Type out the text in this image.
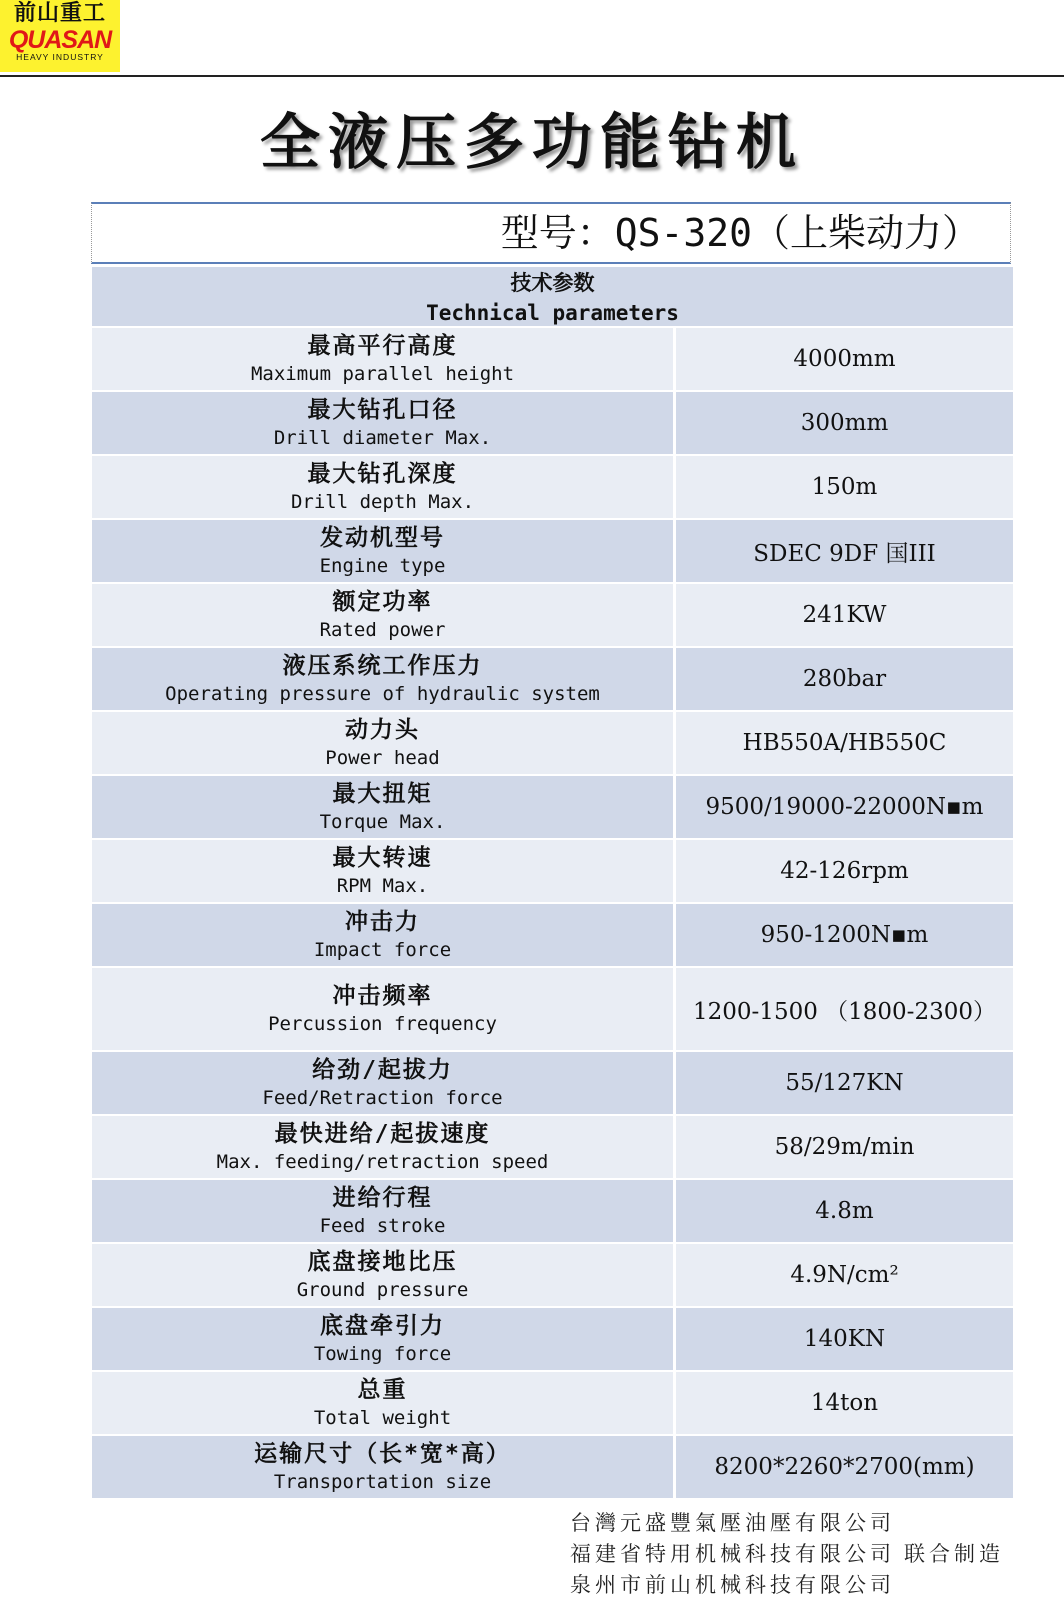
前山重工
QUASAN
HEAVY INDUSTRY
全液压多功能钻机
型号：QS-320（上柴动力）
技术参数
Technical parameters
最高平行高度
Maximum parallel height
4000mm
最大钻孔口径
Drill diameter Max.
300mm
最大钻孔深度
Drill depth Max.
150m
发动机型号
Engine type	SDEC 9DF 国III
额定功率
Rated power
241KW
液压系统工作压力
Operating pressure of hydraulic system
280bar
动力头
Power head
HB550A/HB550C
最大扭矩
Torque Max.
9500/19000-22000N▪m
最大转速
RPM Max.
42-126rpm
冲击力
Impact force
950-1200N▪m
冲击频率
Percussion frequency	1200-1500 （1800-2300）
给劲/起拔力
Feed/Retraction force
55/127KN
最快进给/起拔速度
Max. feeding/retraction speed
58/29m/min
进给行程
Feed stroke
4.8m
底盘接地比压
Ground pressure
4.9N/cm²
底盘牵引力
Towing force
140KN
总重
Total weight
14ton
运输尺寸（长*宽*高）
Transportation size
8200*2260*2700(mm)
台灣元盛豐氣壓油壓有限公司
福建省特用机械科技有限公司
泉州市前山机械科技有限公司
联合制造
